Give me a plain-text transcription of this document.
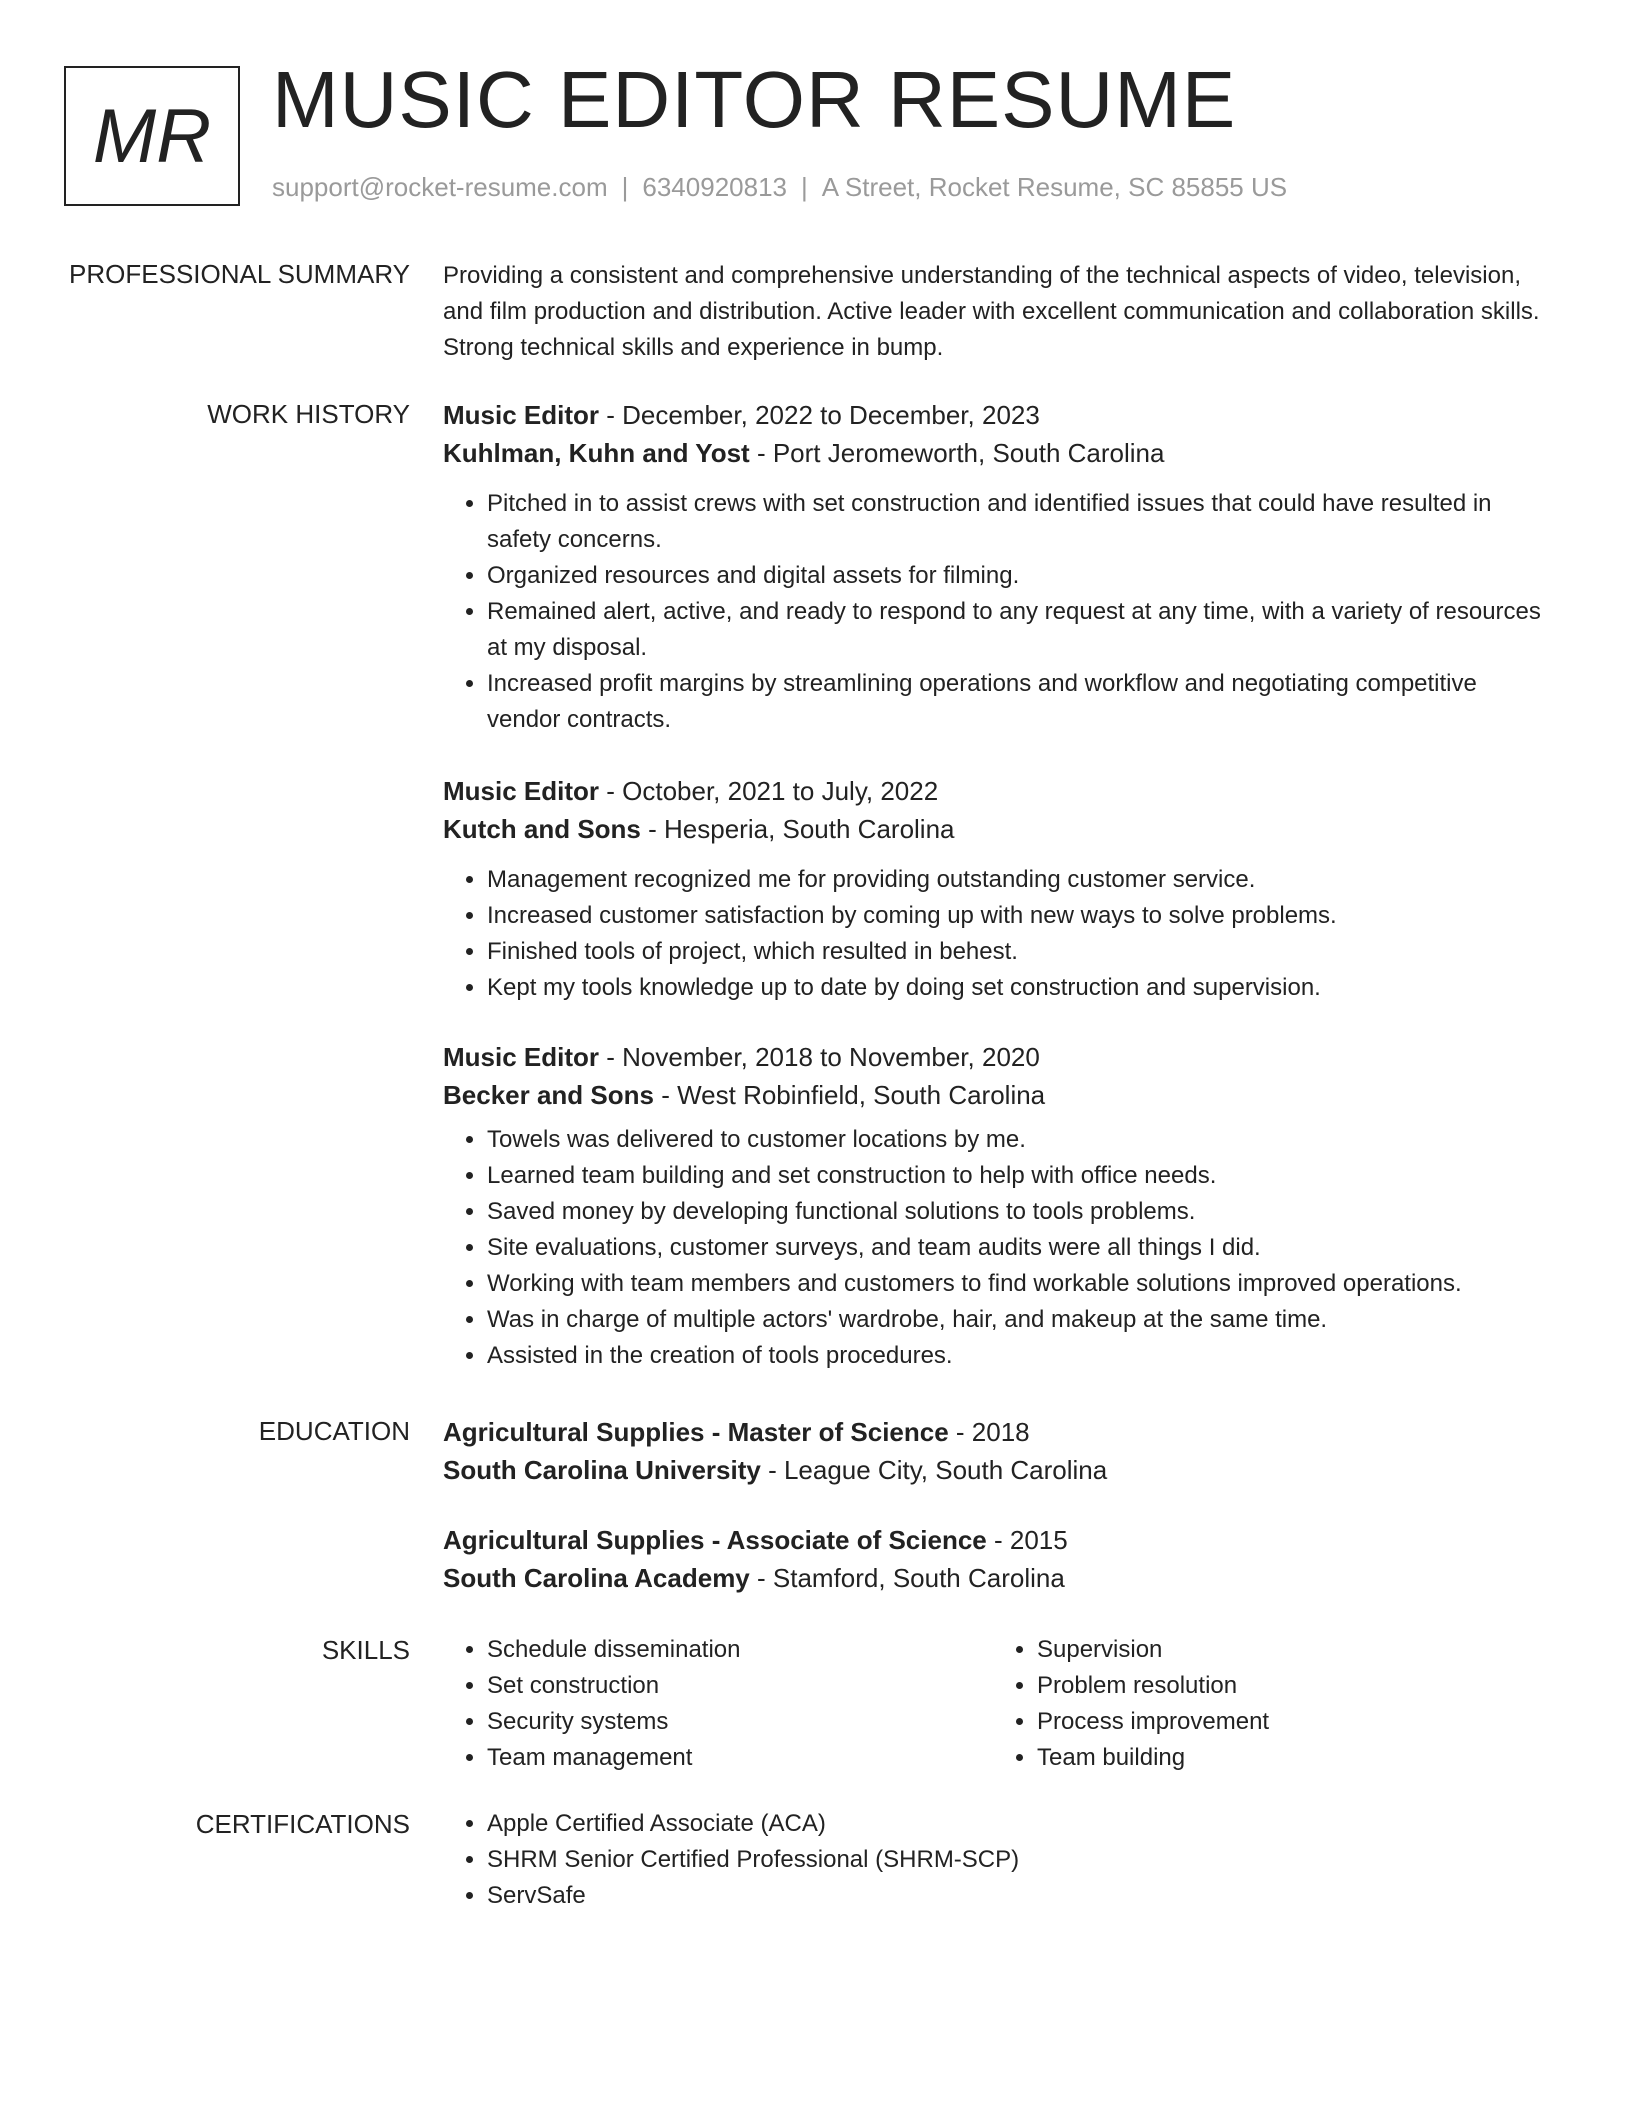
MR MUSIC EDITOR RESUME
support@rocket-resume.com | 6340920813 | A Street, Rocket Resume, SC 85855 US
PROFESSIONAL SUMMARY Providing a consistent and comprehensive understanding of the technical aspects of video, television, and film production and distribution. Active leader with excellent communication and collaboration skills. Strong technical skills and experience in bump.

WORK HISTORY Music Editor - December, 2022 to December, 2023
Kuhlman, Kuhn and Yost - Port Jeromeworth, South Carolina
• Pitched in to assist crews with set construction and identified issues that could have resulted in safety concerns.
• Organized resources and digital assets for filming.
• Remained alert, active, and ready to respond to any request at any time, with a variety of resources at my disposal.
• Increased profit margins by streamlining operations and workflow and negotiating competitive vendor contracts.
Music Editor - October, 2021 to July, 2022
Kutch and Sons - Hesperia, South Carolina
• Management recognized me for providing outstanding customer service.
• Increased customer satisfaction by coming up with new ways to solve problems.
• Finished tools of project, which resulted in behest.
• Kept my tools knowledge up to date by doing set construction and supervision.
Music Editor - November, 2018 to November, 2020
Becker and Sons - West Robinfield, South Carolina
• Towels was delivered to customer locations by me.
• Learned team building and set construction to help with office needs.
• Saved money by developing functional solutions to tools problems.
• Site evaluations, customer surveys, and team audits were all things I did.
• Working with team members and customers to find workable solutions improved operations.
• Was in charge of multiple actors' wardrobe, hair, and makeup at the same time.
• Assisted in the creation of tools procedures.
EDUCATION Agricultural Supplies - Master of Science - 2018
South Carolina University - League City, South Carolina
Agricultural Supplies - Associate of Science - 2015
South Carolina Academy - Stamford, South Carolina
SKILLS	• Schedule dissemination
• Set construction
• Security systems
• Team management
• Supervision
• Problem resolution
• Process improvement
• Team building
CERTIFICATIONS	• Apple Certified Associate (ACA)
• SHRM Senior Certified Professional (SHRM-SCP)
• ServSafe
